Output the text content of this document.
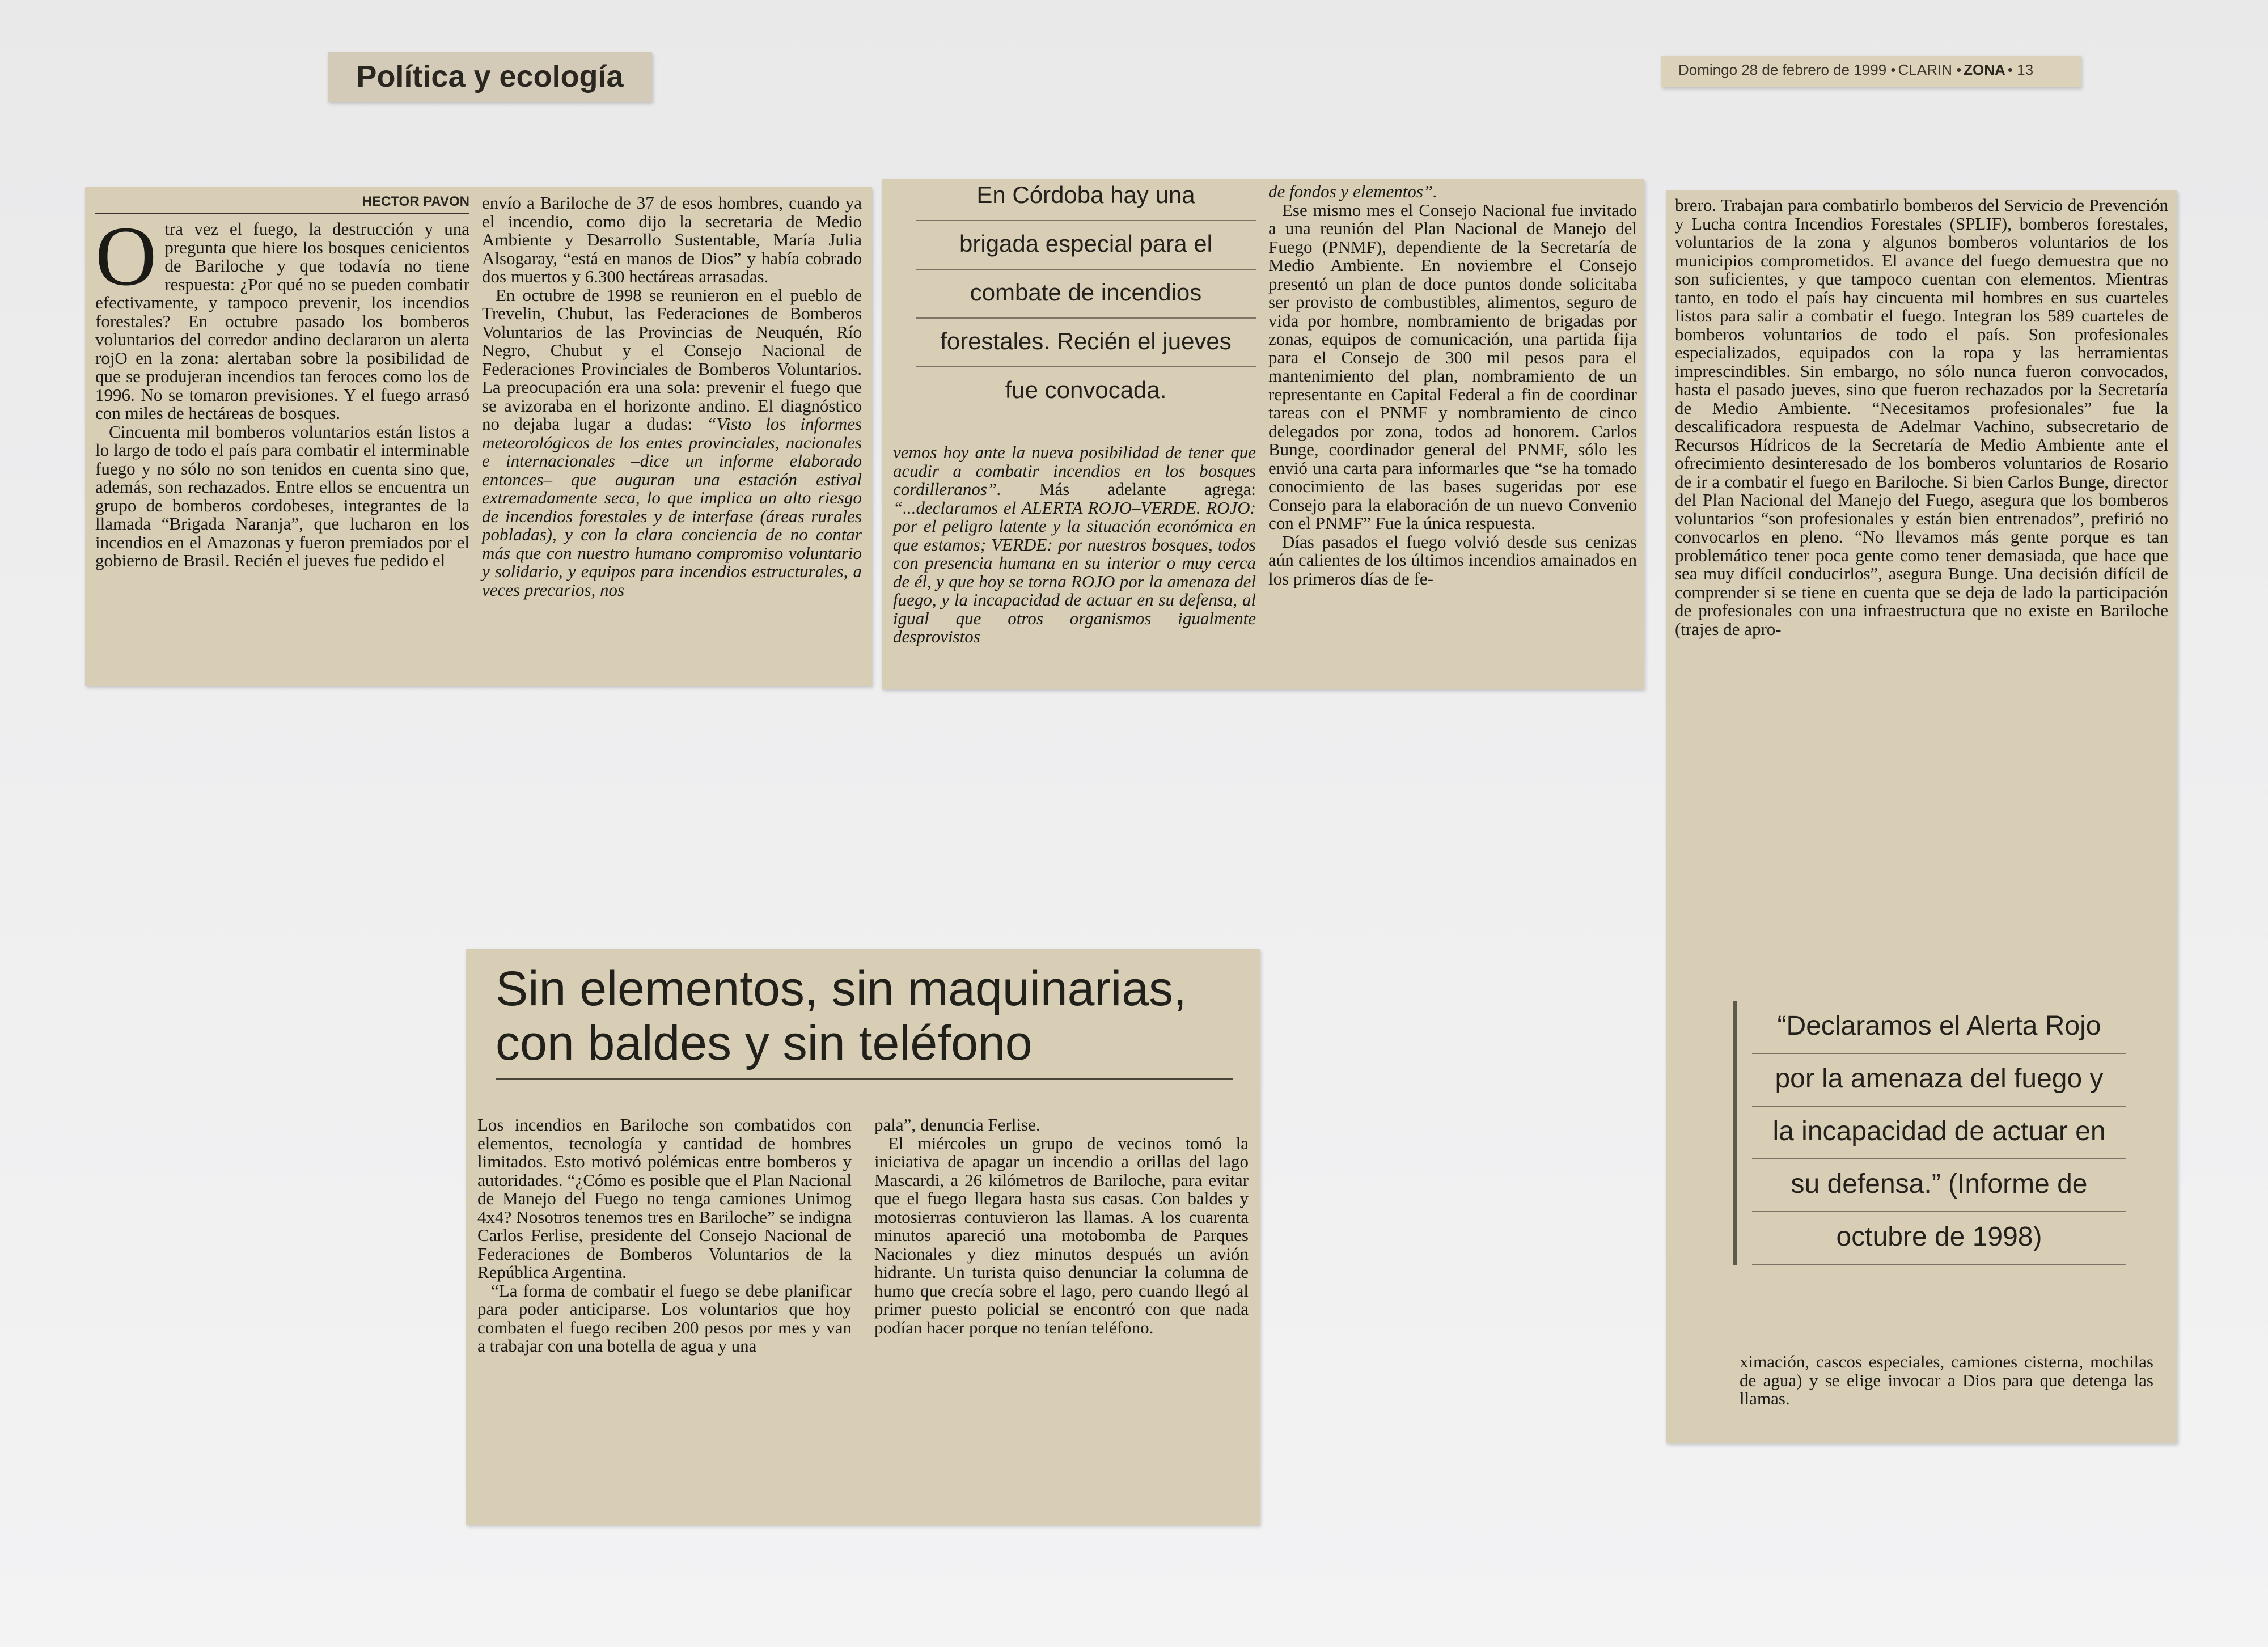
Política y ecología	Domingo 28 de febrero de 1999 • CLARIN • ZONA • 13
HECTOR PAVON
O tra vez el fuego, la destrucción y una pregunta que hiere los bosques cenicientos de Bariloche y que todavía no tiene respuesta: ¿Por qué no se pueden combatir efectivamente, y tampoco prevenir, los incendios forestales? En octubre pasado los bomberos voluntarios del corredor andino declararon un alerta rojO en la zona: alertaban sobre la posibilidad de que se produjeran incendios tan feroces como los de 1996. No se tomaron previsiones. Y el fuego arrasó con miles de hectáreas de bosques.

Cincuenta mil bomberos voluntarios están listos a lo largo de todo el país para combatir el interminable fuego y no sólo no son tenidos en cuenta sino que, además, son rechazados. Entre ellos se encuentra un grupo de bomberos cordobeses, integrantes de la llamada “Brigada Naranja”, que lucharon en los incendios en el Amazonas y fueron premiados por el gobierno de Brasil. Recién el jueves fue pedido el

envío a Bariloche de 37 de esos hombres, cuando ya el incendio, como dijo la secretaria de Medio Ambiente y Desarrollo Sustentable, María Julia Alsogaray, “está en manos de Dios” y había cobrado dos muertos y 6.300 hectáreas arrasadas.

En octubre de 1998 se reunieron en el pueblo de Trevelin, Chubut, las Federaciones de Bomberos Voluntarios de las Provincias de Neuquén, Río Negro, Chubut y el Consejo Nacional de Federaciones Provinciales de Bomberos Voluntarios. La preocupación era una sola: prevenir el fuego que se avizoraba en el horizonte andino. El diagnóstico no dejaba lugar a dudas: “Visto los informes meteorológicos de los entes provinciales, nacionales e internacionales –dice un informe elaborado entonces– que auguran una estación estival extremadamente seca, lo que implica un alto riesgo de incendios forestales y de interfase (áreas rurales pobladas), y con la clara conciencia de no contar más que con nuestro humano compromiso voluntario y solidario, y equipos para incendios estructurales, a veces precarios, nos

En Córdoba hay una
brigada especial para el
combate de incendios
forestales. Recién el jueves
fue convocada.

vemos hoy ante la nueva posibilidad de tener que acudir a combatir incendios en los bosques cordilleranos”. Más adelante agrega: “...declaramos el ALERTA ROJO–VERDE. ROJO: por el peligro latente y la situación económica en que estamos; VERDE: por nuestros bosques, todos con presencia humana en su interior o muy cerca de él, y que hoy se torna ROJO por la amenaza del fuego, y la incapacidad de actuar en su defensa, al igual que otros organismos igualmente desprovistos

de fondos y elementos”.

Ese mismo mes el Consejo Nacional fue invitado a una reunión del Plan Nacional de Manejo del Fuego (PNMF), dependiente de la Secretaría de Medio Ambiente. En noviembre el Consejo presentó un plan de doce puntos donde solicitaba ser provisto de combustibles, alimentos, seguro de vida por hombre, nombramiento de brigadas por zonas, equipos de comunicación, una partida fija para el Consejo de 300 mil pesos para el mantenimiento del plan, nombramiento de un representante en Capital Federal a fin de coordinar tareas con el PNMF y nombramiento de cinco delegados por zona, todos ad honorem. Carlos Bunge, coordinador general del PNMF, sólo les envió una carta para informarles que “se ha tomado conocimiento de las bases sugeridas por ese Consejo para la elaboración de un nuevo Convenio con el PNMF” Fue la única respuesta.

Días pasados el fuego volvió desde sus cenizas aún calientes de los últimos incendios amainados en los primeros días de fe-

brero. Trabajan para combatirlo bomberos del Servicio de Prevención y Lucha contra Incendios Forestales (SPLIF), bomberos forestales, voluntarios de la zona y algunos bomberos voluntarios de los municipios comprometidos. El avance del fuego demuestra que no son suficientes, y que tampoco cuentan con elementos. Mientras tanto, en todo el país hay cincuenta mil hombres en sus cuarteles listos para salir a combatir el fuego. Integran los 589 cuarteles de bomberos voluntarios de todo el país. Son profesionales especializados, equipados con la ropa y las herramientas imprescindibles. Sin embargo, no sólo nunca fueron convocados, hasta el pasado jueves, sino que fueron rechazados por la Secretaría de Medio Ambiente. “Necesitamos profesionales” fue la descalificadora respuesta de Adelmar Vachino, subsecretario de Recursos Hídricos de la Secretaría de Medio Ambiente ante el ofrecimiento desinteresado de los bomberos voluntarios de Rosario de ir a combatir el fuego en Bariloche. Si bien Carlos Bunge, director del Plan Nacional del Manejo del Fuego, asegura que los bomberos voluntarios “son profesionales y están bien entrenados”, prefirió no convocarlos en pleno. “No llevamos más gente porque es tan problemático tener poca gente como tener demasiada, que hace que sea muy difícil conducirlos”, asegura Bunge. Una decisión difícil de comprender si se tiene en cuenta que se deja de lado la participación de profesionales con una infraestructura que no existe en Bariloche (trajes de apro-

“Declaramos el Alerta Rojo
por la amenaza del fuego y
la incapacidad de actuar en
su defensa.” (Informe de
octubre de 1998)

ximación, cascos especiales, camiones cisterna, mochilas de agua) y se elige invocar a Dios para que detenga las llamas.

Sin elementos, sin maquinarias,
con baldes y sin teléfono

Los incendios en Bariloche son combatidos con elementos, tecnología y cantidad de hombres limitados. Esto motivó polémicas entre bomberos y autoridades. “¿Cómo es posible que el Plan Nacional de Manejo del Fuego no tenga camiones Unimog 4x4? Nosotros tenemos tres en Bariloche” se indigna Carlos Ferlise, presidente del Consejo Nacional de Federaciones de Bomberos Voluntarios de la República Argentina.

“La forma de combatir el fuego se debe planificar para poder anticiparse. Los voluntarios que hoy combaten el fuego reciben 200 pesos por mes y van a trabajar con una botella de agua y una

pala”, denuncia Ferlise.

El miércoles un grupo de vecinos tomó la iniciativa de apagar un incendio a orillas del lago Mascardi, a 26 kilómetros de Bariloche, para evitar que el fuego llegara hasta sus casas. Con baldes y motosierras contuvieron las llamas. A los cuarenta minutos apareció una motobomba de Parques Nacionales y diez minutos después un avión hidrante. Un turista quiso denunciar la columna de humo que crecía sobre el lago, pero cuando llegó al primer puesto policial se encontró con que nada podían hacer porque no tenían teléfono.
